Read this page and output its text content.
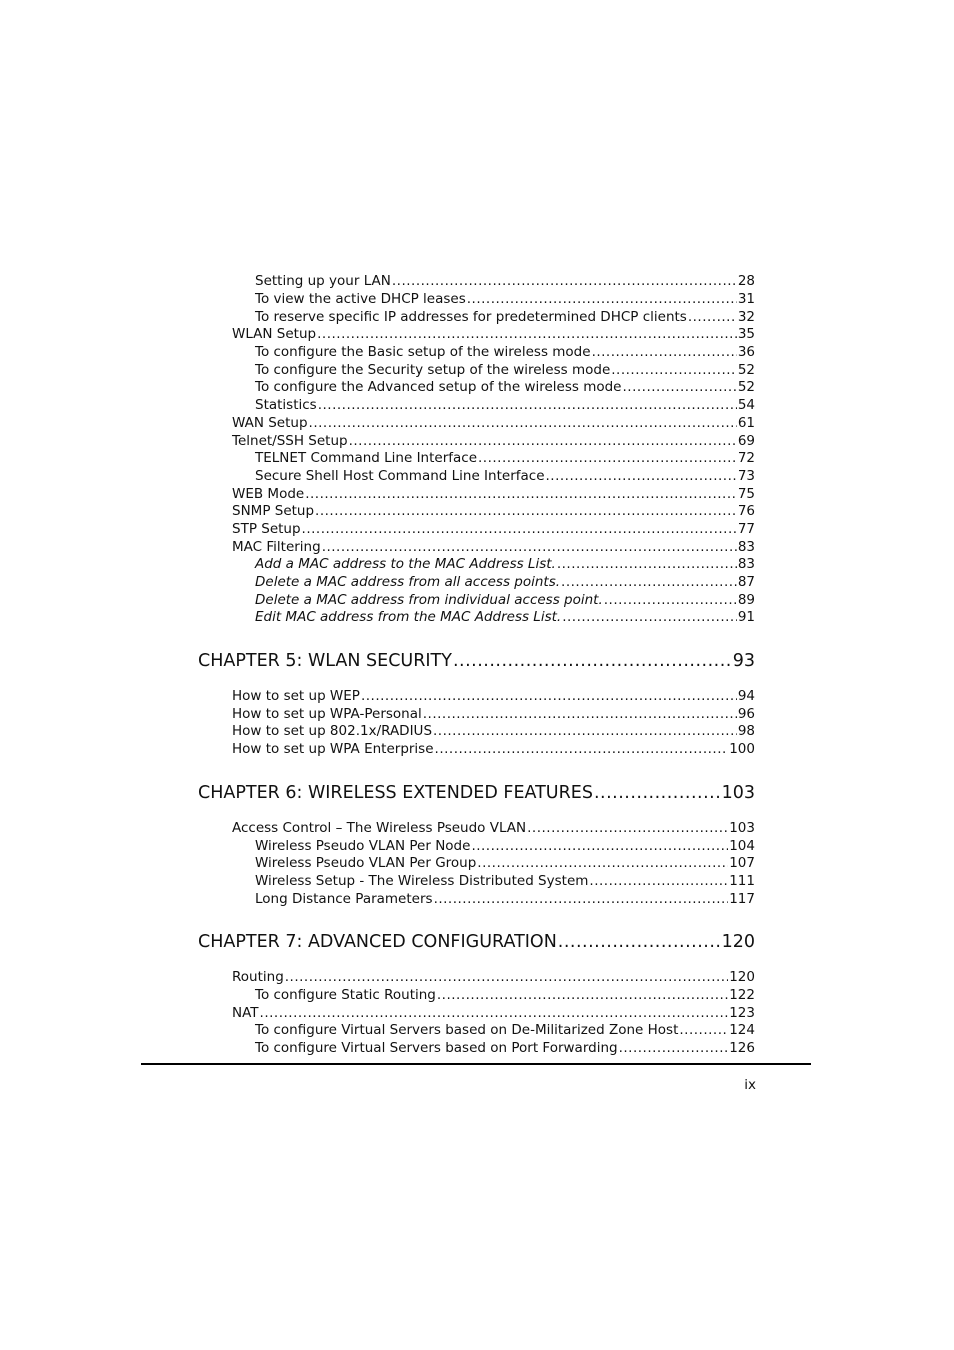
Setting up your LAN .....	28
To view the active DHCP leases .....	31
To reserve specific IP addresses for predetermined DHCP clients .....	32
WLAN Setup .....	35
To configure the Basic setup of the wireless mode .....	36
To configure the Security setup of the wireless mode .....	52
To configure the Advanced setup of the wireless mode .....	52
Statistics .....	54
WAN Setup .....	61
Telnet/SSH Setup .....	69
TELNET Command Line Interface .....	72
Secure Shell Host Command Line Interface .....	73
WEB Mode .....	75
SNMP Setup .....	76
STP Setup .....	77
MAC Filtering .....	83
Add a MAC address to the MAC Address List. .....	83
Delete a MAC address from all access points. .....	87
Delete a MAC address from individual access point. .....	89
Edit MAC address from the MAC Address List. .....	91
CHAPTER 5: WLAN SECURITY .....	93
How to set up WEP .....	94
How to set up WPA-Personal .....	96
How to set up 802.1x/RADIUS .....	98
How to set up WPA Enterprise .....	100
CHAPTER 6: WIRELESS EXTENDED FEATURES .....	103
Access Control – The Wireless Pseudo VLAN .....	103
Wireless Pseudo VLAN Per Node .....	104
Wireless Pseudo VLAN Per Group .....	107
Wireless Setup - The Wireless Distributed System .....	111
Long Distance Parameters .....	117
CHAPTER 7: ADVANCED CONFIGURATION .....	120
Routing .....	120
To configure Static Routing .....	122
NAT .....	123
To configure Virtual Servers based on De-Militarized Zone Host .....	124
To configure Virtual Servers based on Port Forwarding .....	126
ix
